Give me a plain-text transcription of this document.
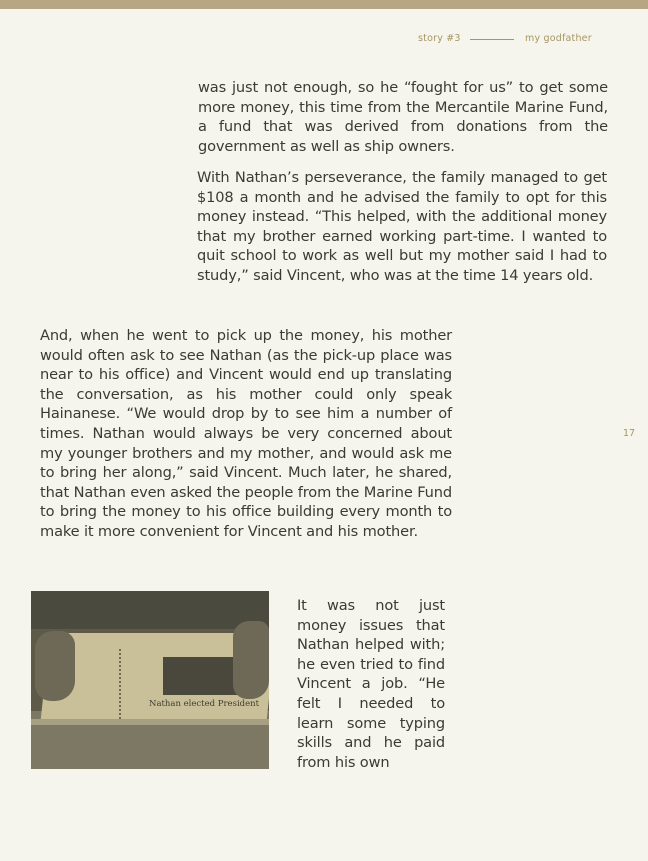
story #3	my godfather

was just not enough, so he “fought for us” to get some more money, this time from the Mercantile Marine Fund, a fund that was derived from donations from the government as well as ship owners.

With Nathan’s perseverance, the family managed to get $108 a month and he advised the family to opt for this money instead. “This helped, with the additional money that my brother earned working part-time. I wanted to quit school to work as well but my mother said I had to study,” said Vincent, who was at the time 14 years old.

And, when he went to pick up the money, his mother would often ask to see Nathan (as the pick-up place was near to his office) and Vincent would end up translating the conversation, as his mother could only speak Hainanese. “We would drop by to see him a number of times. Nathan would always be very concerned about my younger brothers and my mother, and would ask me to bring her along,” said Vincent. Much later, he shared, that Nathan even asked the people from the Marine Fund to bring the money to his office building every month to make it more convenient for Vincent and his mother.

Nathan elected President

It was not just money issues that Nathan helped with; he even tried to find Vincent a job. “He felt I needed to learn some typing skills and he paid from his own

17
